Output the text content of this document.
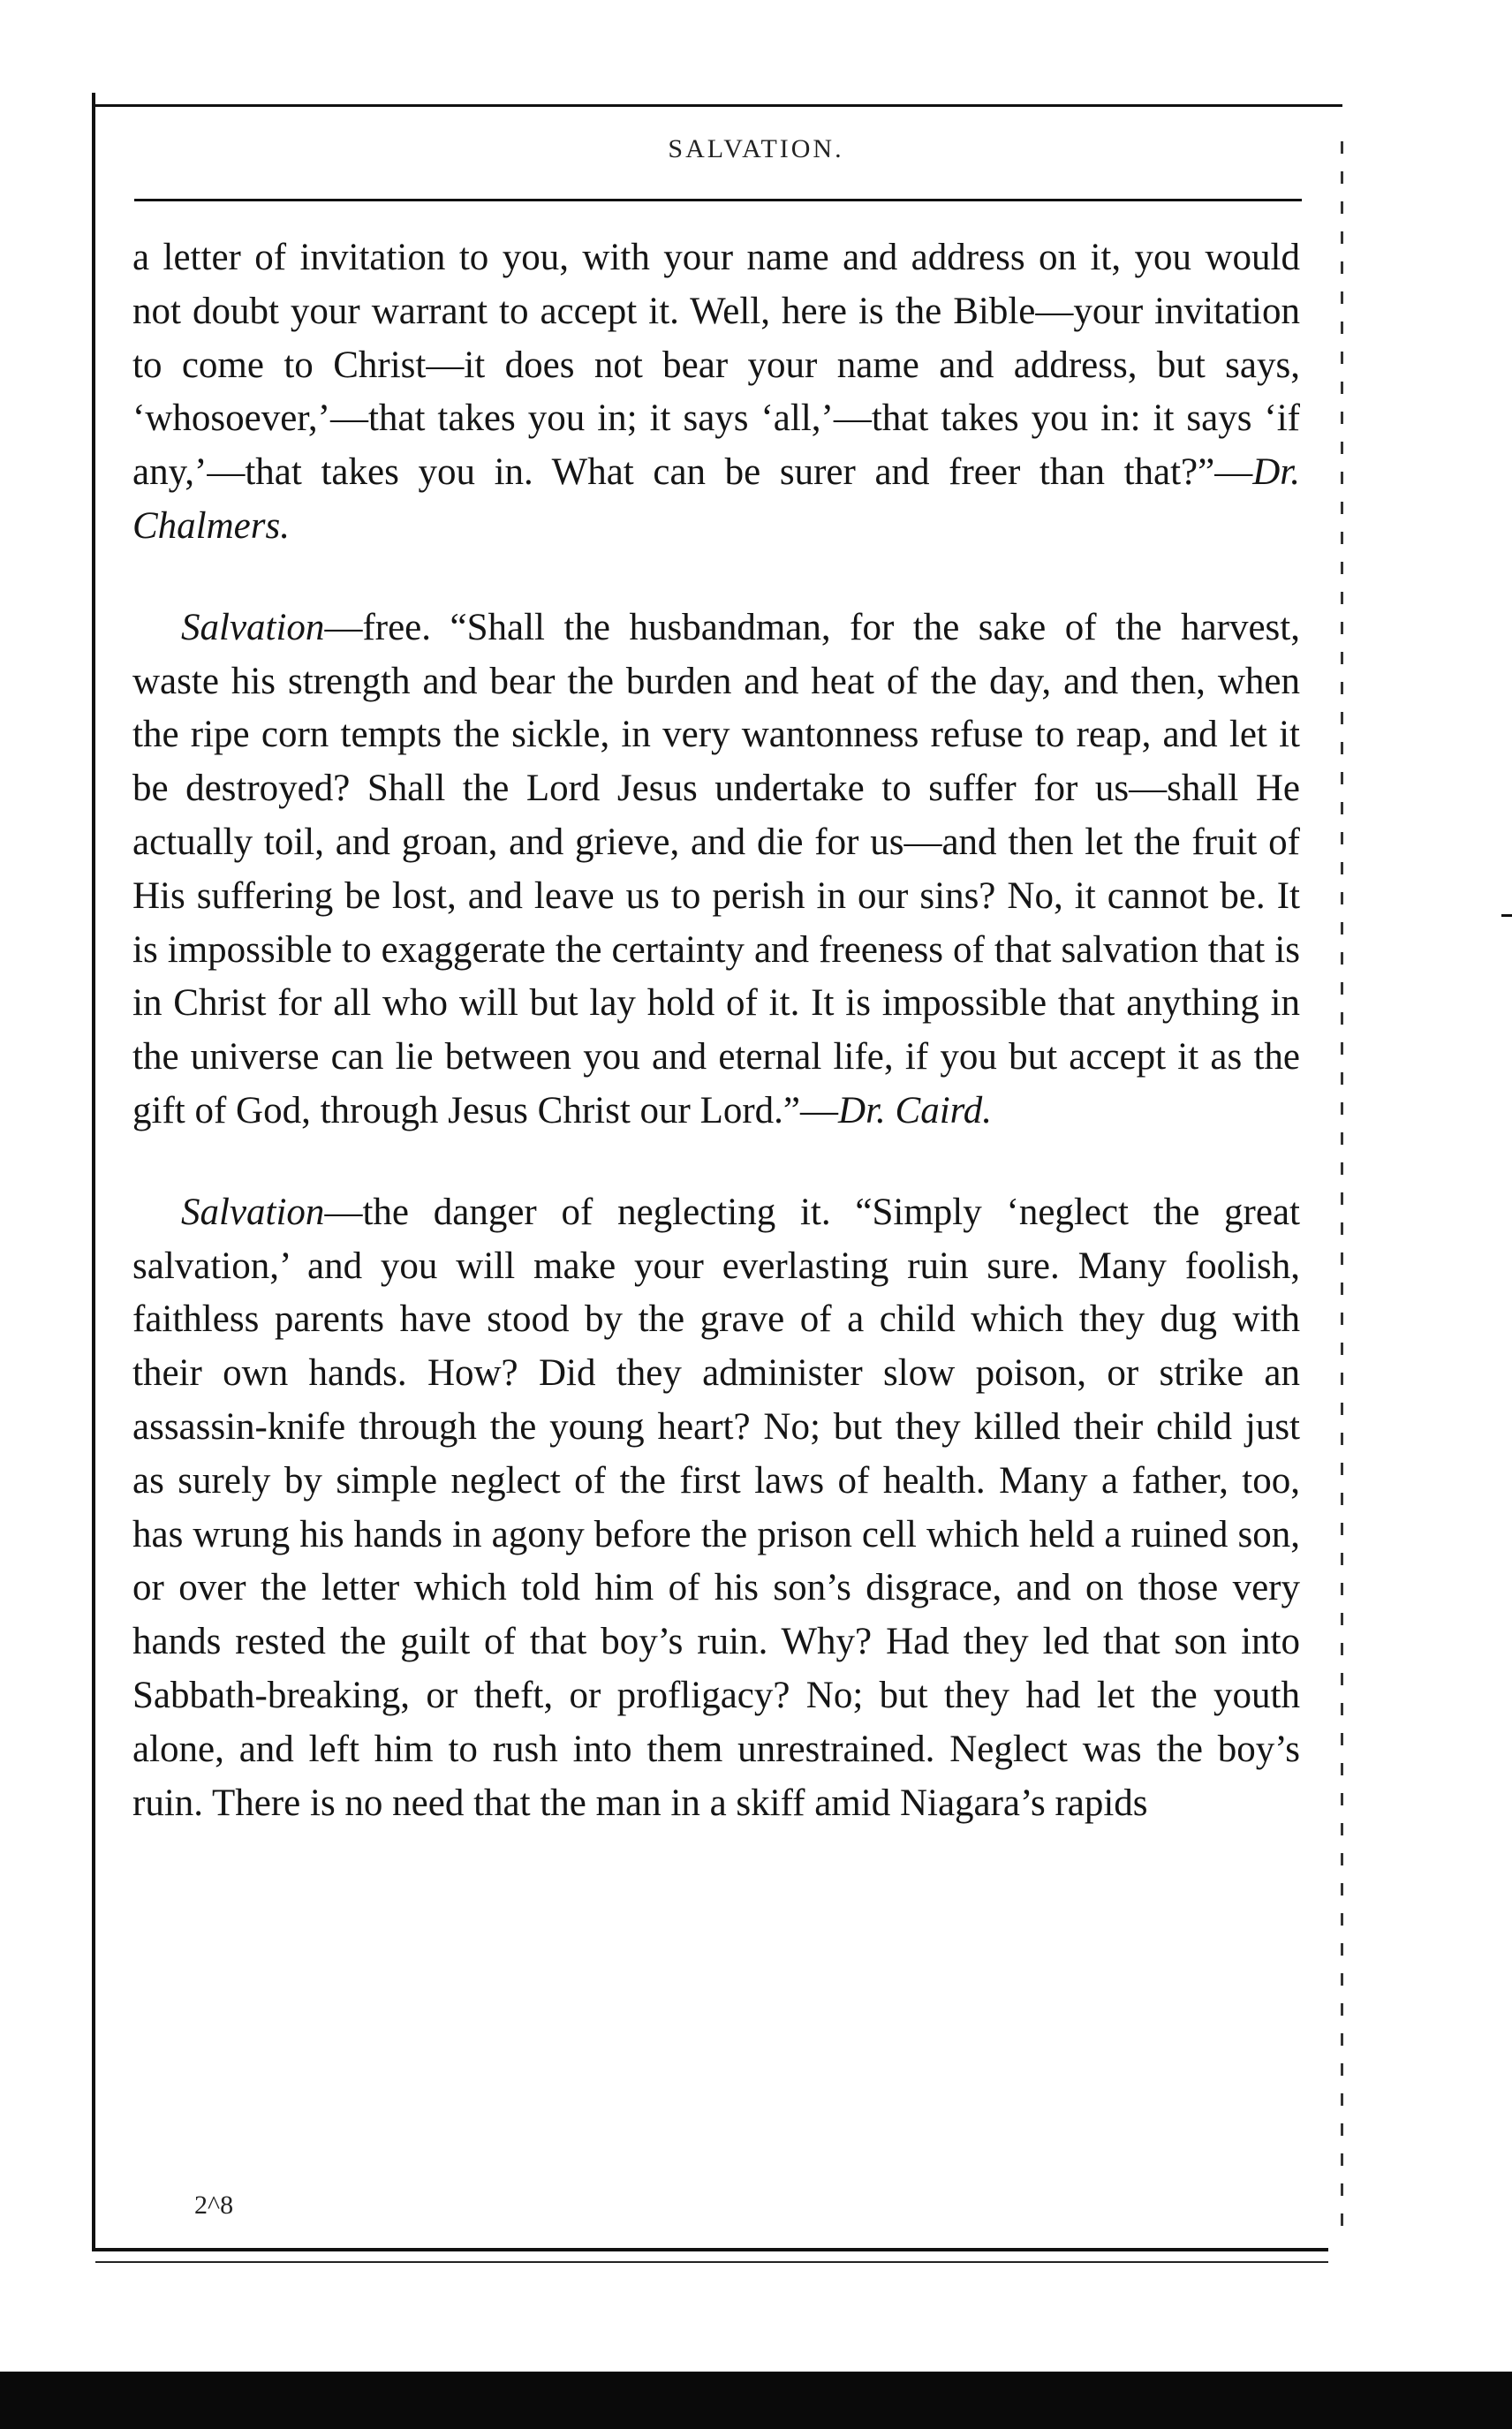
SALVATION.

a letter of invitation to you, with your name and address on it, you would not doubt your warrant to accept it. Well, here is the Bible—your invitation to come to Christ—it does not bear your name and address, but says, ‘whosoever,’—that takes you in; it says ‘all,’—that takes you in: it says ‘if any,’—that takes you in. What can be surer and freer than that?”—Dr. Chalmers.

Salvation—free. “Shall the husbandman, for the sake of the harvest, waste his strength and bear the burden and heat of the day, and then, when the ripe corn tempts the sickle, in very wantonness refuse to reap, and let it be destroyed? Shall the Lord Jesus undertake to suffer for us—shall He actually toil, and groan, and grieve, and die for us—and then let the fruit of His suffering be lost, and leave us to perish in our sins? No, it cannot be. It is impossible to exaggerate the certainty and freeness of that salvation that is in Christ for all who will but lay hold of it. It is impossible that anything in the universe can lie between you and eternal life, if you but accept it as the gift of God, through Jesus Christ our Lord.”—Dr. Caird.

Salvation—the danger of neglecting it. “Simply ‘neglect the great salvation,’ and you will make your everlasting ruin sure. Many foolish, faithless parents have stood by the grave of a child which they dug with their own hands. How? Did they administer slow poison, or strike an assassin-knife through the young heart? No; but they killed their child just as surely by simple neglect of the first laws of health. Many a father, too, has wrung his hands in agony before the prison cell which held a ruined son, or over the letter which told him of his son’s disgrace, and on those very hands rested the guilt of that boy’s ruin. Why? Had they led that son into Sabbath-breaking, or theft, or profligacy? No; but they had let the youth alone, and left him to rush into them unrestrained. Neglect was the boy’s ruin. There is no need that the man in a skiff amid Niagara’s rapids

2^8
